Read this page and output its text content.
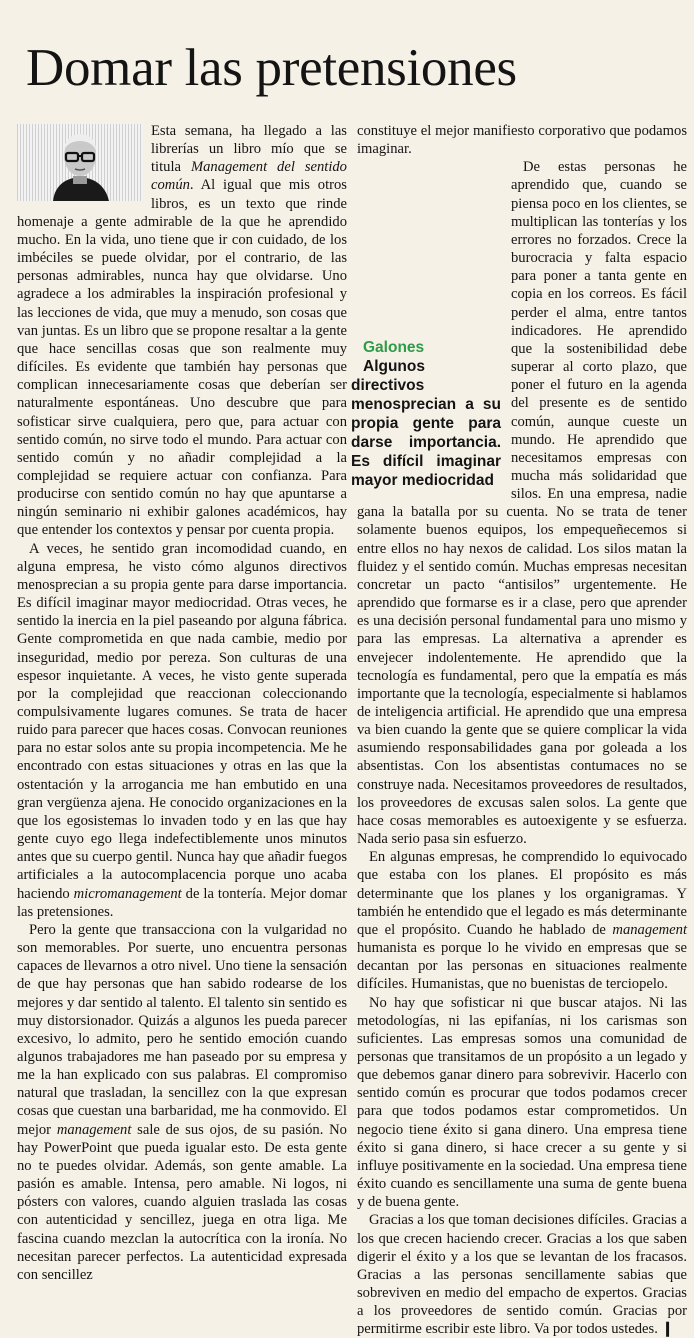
Domar las pretensiones

Esta semana, ha llegado a las librerías un libro mío que se titula Management del sentido común. Al igual que mis otros libros, es un texto que rinde homenaje a gente admirable de la que he aprendido mucho. En la vida, uno tiene que ir con cuidado, de los imbéciles se puede olvidar, por el contrario, de las personas admirables, nunca hay que olvidarse. Uno agradece a los admirables la inspiración profesional y las lecciones de vida, que muy a menudo, son cosas que van juntas. Es un libro que se propone resaltar a la gente que hace sencillas cosas que son realmente muy difíciles. Es evidente que también hay personas que complican innecesariamente cosas que deberían ser naturalmente espontáneas. Uno descubre que para sofisticar sirve cualquiera, pero que, para actuar con sentido común, no sirve todo el mundo. Para actuar con sentido común y no añadir complejidad a la complejidad se requiere actuar con confianza. Para producirse con sentido común no hay que apuntarse a ningún seminario ni exhibir galones académicos, hay que entender los contextos y pensar por cuenta propia.

A veces, he sentido gran incomodidad cuando, en alguna empresa, he visto cómo algunos directivos menosprecian a su propia gente para darse importancia. Es difícil imaginar mayor mediocridad. Otras veces, he sentido la inercia en la piel paseando por alguna fábrica. Gente comprometida en que nada cambie, medio por inseguridad, medio por pereza. Son culturas de una espesor inquietante. A veces, he visto gente superada por la complejidad que reaccionan coleccionando compulsivamente lugares comunes. Se trata de hacer ruido para parecer que haces cosas. Convocan reuniones para no estar solos ante su propia incompetencia. Me he encontrado con estas situaciones y otras en las que la ostentación y la arrogancia me han embutido en una gran vergüenza ajena. He conocido organizaciones en la que los egosistemas lo invaden todo y en las que hay gente cuyo ego llega indefectiblemente unos minutos antes que su cuerpo gentil. Nunca hay que añadir fuegos artificiales a la autocomplacencia porque uno acaba haciendo micromanagement de la tontería. Mejor domar las pretensiones.

Pero la gente que transacciona con la vulgaridad no son memorables. Por suerte, uno encuentra personas capaces de llevarnos a otro nivel. Uno tiene la sensación de que hay personas que han sabido rodearse de los mejores y dar sentido al talento. El talento sin sentido es muy distorsionador. Quizás a algunos les pueda parecer excesivo, lo admito, pero he sentido emoción cuando algunos trabajadores me han paseado por su empresa y me la han explicado con sus palabras. El compromiso natural que trasladan, la sencillez con la que expresan cosas que cuestan una barbaridad, me ha conmovido. El mejor management sale de sus ojos, de su pasión. No hay PowerPoint que pueda igualar esto. De esta gente no te puedes olvidar. Además, son gente amable. La pasión es amable. Intensa, pero amable. Ni logos, ni pósters con valores, cuando alguien traslada las cosas con autenticidad y sencillez, juega en otra liga. Me fascina cuando mezclan la autocrítica con la ironía. No necesitan parecer perfectos. La autenticidad expresada con sencillez

constituye el mejor manifiesto corporativo que podamos imaginar.

Galones
Algunos directivos menosprecian a su propia gente para darse importancia. Es difícil imaginar mayor mediocridad
De estas personas he aprendido que, cuando se piensa poco en los clientes, se multiplican las tonterías y los errores no forzados. Crece la burocracia y falta espacio para poner a tanta gente en copia en los correos. Es fácil perder el alma, entre tantos indicadores. He aprendido que la sostenibilidad debe superar al corto plazo, que poner el futuro en la agenda del presente es de sentido común, aunque cueste un mundo. He aprendido que necesitamos empresas con mucha más solidaridad que silos. En una empresa, nadie gana la batalla por su cuenta. No se trata de tener solamente buenos equipos, los empequeñecemos si entre ellos no hay nexos de calidad. Los silos matan la fluidez y el sentido común. Muchas empresas necesitan concretar un pacto “antisilos” urgentemente. He aprendido que formarse es ir a clase, pero que aprender es una decisión personal fundamental para uno mismo y para las empresas. La alternativa a aprender es envejecer indolentemente. He aprendido que la tecnología es fundamental, pero que la empatía es más importante que la tecnología, especialmente si hablamos de inteligencia artificial. He aprendido que una empresa va bien cuando la gente que se quiere complicar la vida asumiendo responsabilidades gana por goleada a los absentistas. Con los absentistas contumaces no se construye nada. Necesitamos proveedores de resultados, los proveedores de excusas salen solos. La gente que hace cosas memorables es autoexigente y se esfuerza. Nada serio pasa sin esfuerzo.

En algunas empresas, he comprendido lo equivocado que estaba con los planes. El propósito es más determinante que los planes y los organigramas. Y también he entendido que el legado es más determinante que el propósito. Cuando he hablado de management humanista es porque lo he vivido en empresas que se decantan por las personas en situaciones realmente difíciles. Humanistas, que no buenistas de terciopelo.

No hay que sofisticar ni que buscar atajos. Ni las metodologías, ni las epifanías, ni los carismas son suficientes. Las empresas somos una comunidad de personas que transitamos de un propósito a un legado y que debemos ganar dinero para sobrevivir. Hacerlo con sentido común es procurar que todos podamos crecer para que todos podamos estar comprometidos. Un negocio tiene éxito si gana dinero. Una empresa tiene éxito si gana dinero, si hace crecer a su gente y si influye positivamente en la sociedad. Una empresa tiene éxito cuando es sencillamente una suma de gente buena y de buena gente.

Gracias a los que toman decisiones difíciles. Gracias a los que crecen haciendo crecer. Gracias a los que saben digerir el éxito y a los que se levantan de los fracasos. Gracias a las personas sencillamente sabias que sobreviven en medio del empacho de expertos. Gracias a los proveedores de sentido común. Gracias por permitirme escribir este libro. Va por todos ustedes. ❙
